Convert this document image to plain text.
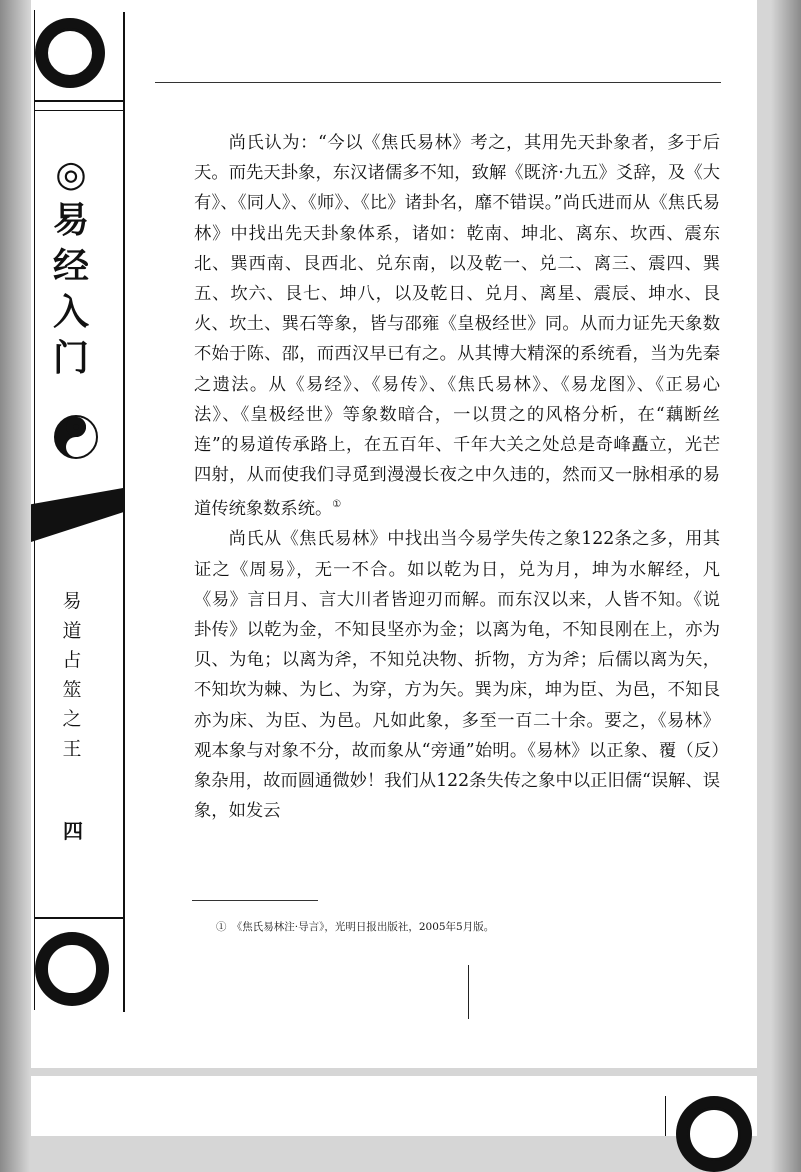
◎
易
经
入
门
易
道
占
筮
之
王
四

尚氏认为：“今以《焦氏易林》考之，其用先天卦象者，多于后天。而先天卦象，东汉诸儒多不知，致解《既济·九五》爻辞，及《大有》、《同人》、《师》、《比》诸卦名，靡不错误。”尚氏进而从《焦氏易林》中找出先天卦象体系，诸如：乾南、坤北、离东、坎西、震东北、巽西南、艮西北、兑东南，以及乾一、兑二、离三、震四、巽五、坎六、艮七、坤八，以及乾日、兑月、离星、震辰、坤水、艮火、坎土、巽石等象，皆与邵雍《皇极经世》同。从而力证先天象数不始于陈、邵，而西汉早已有之。从其博大精深的系统看，当为先秦之遗法。从《易经》、《易传》、《焦氏易林》、《易龙图》、《正易心法》、《皇极经世》等象数暗合，一以贯之的风格分析，在“藕断丝连”的易道传承路上，在五百年、千年大关之处总是奇峰矗立，光芒四射，从而使我们寻觅到漫漫长夜之中久违的，然而又一脉相承的易道传统象数系统。①

尚氏从《焦氏易林》中找出当今易学失传之象122条之多，用其证之《周易》，无一不合。如以乾为日，兑为月，坤为水解经，凡《易》言日月、言大川者皆迎刃而解。而东汉以来，人皆不知。《说卦传》以乾为金，不知艮坚亦为金；以离为龟，不知艮刚在上，亦为贝、为龟；以离为斧，不知兑决物、折物，方为斧；后儒以离为矢，不知坎为棘、为匕、为穿，方为矢。巽为床，坤为臣、为邑，不知艮亦为床、为臣、为邑。凡如此象，多至一百二十余。要之，《易林》观本象与对象不分，故而象从“旁通”始明。《易林》以正象、覆（反）象杂用，故而圆通微妙！我们从122条失传之象中以正旧儒“误解、误象，如发云

①　《焦氏易林注·导言》，光明日报出版社，2005年5月版。
